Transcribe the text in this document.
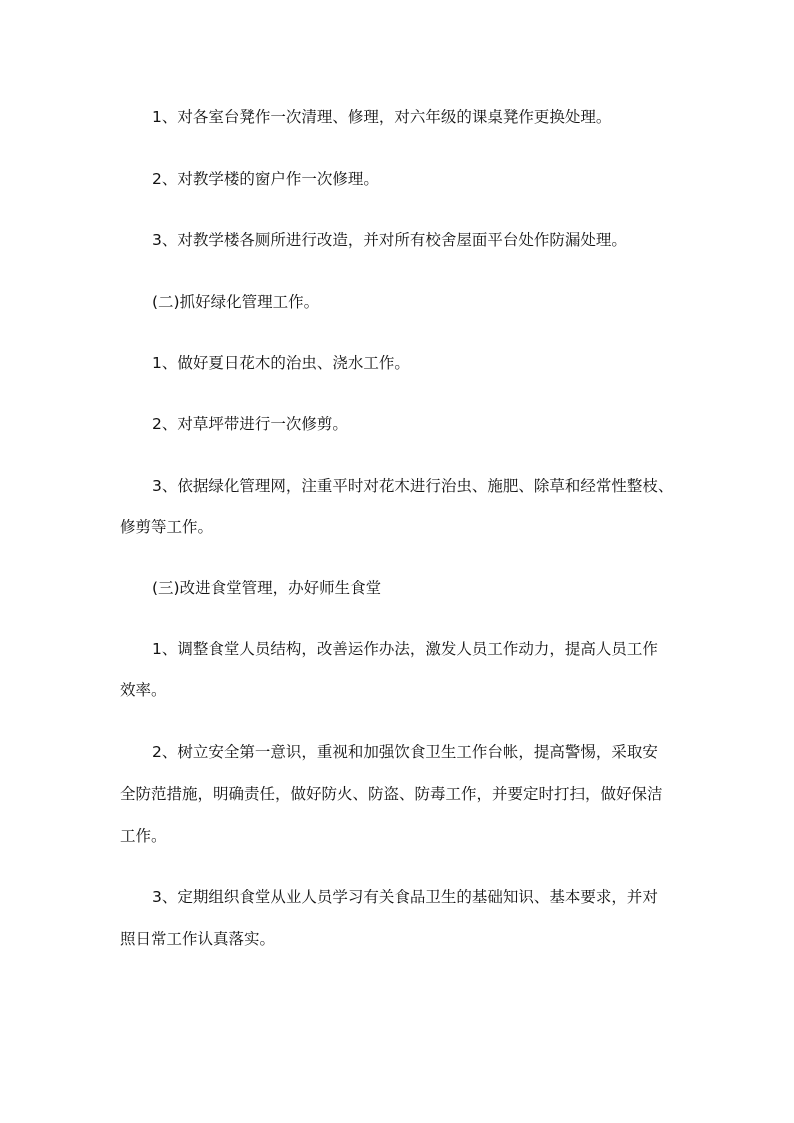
1、对各室台凳作一次清理、修理，对六年级的课桌凳作更换处理。
2、对教学楼的窗户作一次修理。
3、对教学楼各厕所进行改造，并对所有校舍屋面平台处作防漏处理。
(二)抓好绿化管理工作。
1、做好夏日花木的治虫、浇水工作。
2、对草坪带进行一次修剪。
3、依据绿化管理网，注重平时对花木进行治虫、施肥、除草和经常性整枝、
修剪等工作。
(三)改进食堂管理，办好师生食堂
1、调整食堂人员结构，改善运作办法，激发人员工作动力，提高人员工作
效率。
2、树立安全第一意识，重视和加强饮食卫生工作台帐，提高警惕，采取安
全防范措施，明确责任，做好防火、防盗、防毒工作，并要定时打扫，做好保洁
工作。
3、定期组织食堂从业人员学习有关食品卫生的基础知识、基本要求，并对
照日常工作认真落实。
